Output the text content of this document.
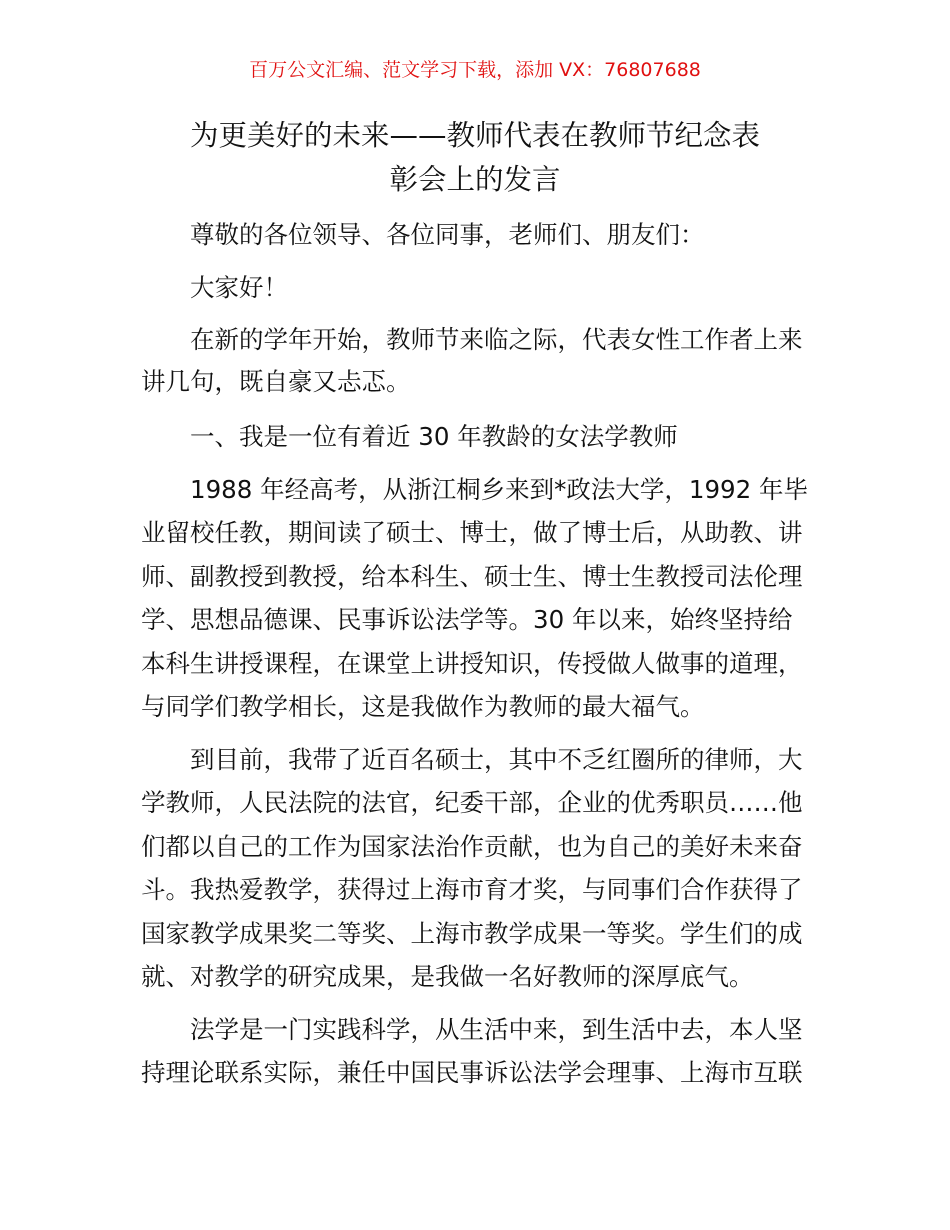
百万公文汇编、范文学习下载，添加 VX：76807688
为更美好的未来——教师代表在教师节纪念表
彰会上的发言
尊敬的各位领导、各位同事，老师们、朋友们：
大家好！
在新的学年开始，教师节来临之际，代表女性工作者上来
讲几句，既自豪又忐忑。
一、我是一位有着近 30 年教龄的女法学教师
1988 年经高考，从浙江桐乡来到*政法大学，1992 年毕
业留校任教，期间读了硕士、博士，做了博士后，从助教、讲
师、副教授到教授，给本科生、硕士生、博士生教授司法伦理
学、思想品德课、民事诉讼法学等。30 年以来，始终坚持给
本科生讲授课程，在课堂上讲授知识，传授做人做事的道理，
与同学们教学相长，这是我做作为教师的最大福气。
到目前，我带了近百名硕士，其中不乏红圈所的律师，大
学教师，人民法院的法官，纪委干部，企业的优秀职员……他
们都以自己的工作为国家法治作贡献，也为自己的美好未来奋
斗。我热爱教学，获得过上海市育才奖，与同事们合作获得了
国家教学成果奖二等奖、上海市教学成果一等奖。学生们的成
就、对教学的研究成果，是我做一名好教师的深厚底气。
法学是一门实践科学，从生活中来，到生活中去，本人坚
持理论联系实际，兼任中国民事诉讼法学会理事、上海市互联
